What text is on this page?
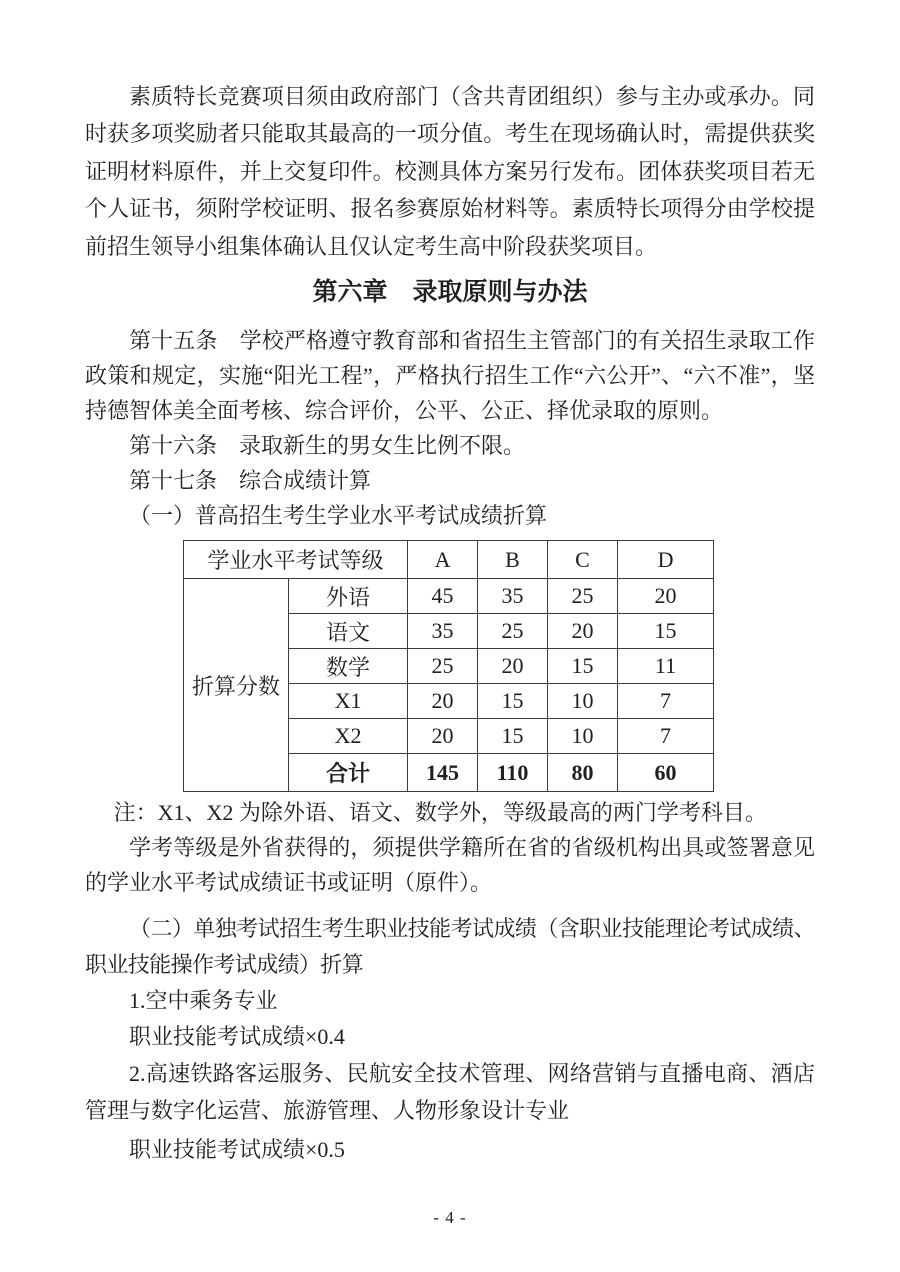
素质特长竞赛项目须由政府部门（含共青团组织）参与主办或承办。同时获多项奖励者只能取其最高的一项分值。考生在现场确认时，需提供获奖证明材料原件，并上交复印件。校测具体方案另行发布。团体获奖项目若无个人证书，须附学校证明、报名参赛原始材料等。素质特长项得分由学校提前招生领导小组集体确认且仅认定考生高中阶段获奖项目。

第六章　录取原则与办法

第十五条　学校严格遵守教育部和省招生主管部门的有关招生录取工作政策和规定，实施“阳光工程”，严格执行招生工作“六公开”、“六不准”，坚持德智体美全面考核、综合评价，公平、公正、择优录取的原则。

第十六条　录取新生的男女生比例不限。

第十七条　综合成绩计算

（一）普高招生考生学业水平考试成绩折算

学业水平考试等级		A	B	C	D
折算分数	外语	45	35	25	20
	语文	35	25	20	15
	数学	25	20	15	11
	X1	20	15	10	7
	X2	20	15	10	7
	合计	145	110	80	60

注：X1、X2 为除外语、语文、数学外，等级最高的两门学考科目。

学考等级是外省获得的，须提供学籍所在省的省级机构出具或签署意见的学业水平考试成绩证书或证明（原件）。

（二）单独考试招生考生职业技能考试成绩（含职业技能理论考试成绩、职业技能操作考试成绩）折算

1.空中乘务专业

职业技能考试成绩×0.4

2.高速铁路客运服务、民航安全技术管理、网络营销与直播电商、酒店管理与数字化运营、旅游管理、人物形象设计专业

职业技能考试成绩×0.5

- 4 -
